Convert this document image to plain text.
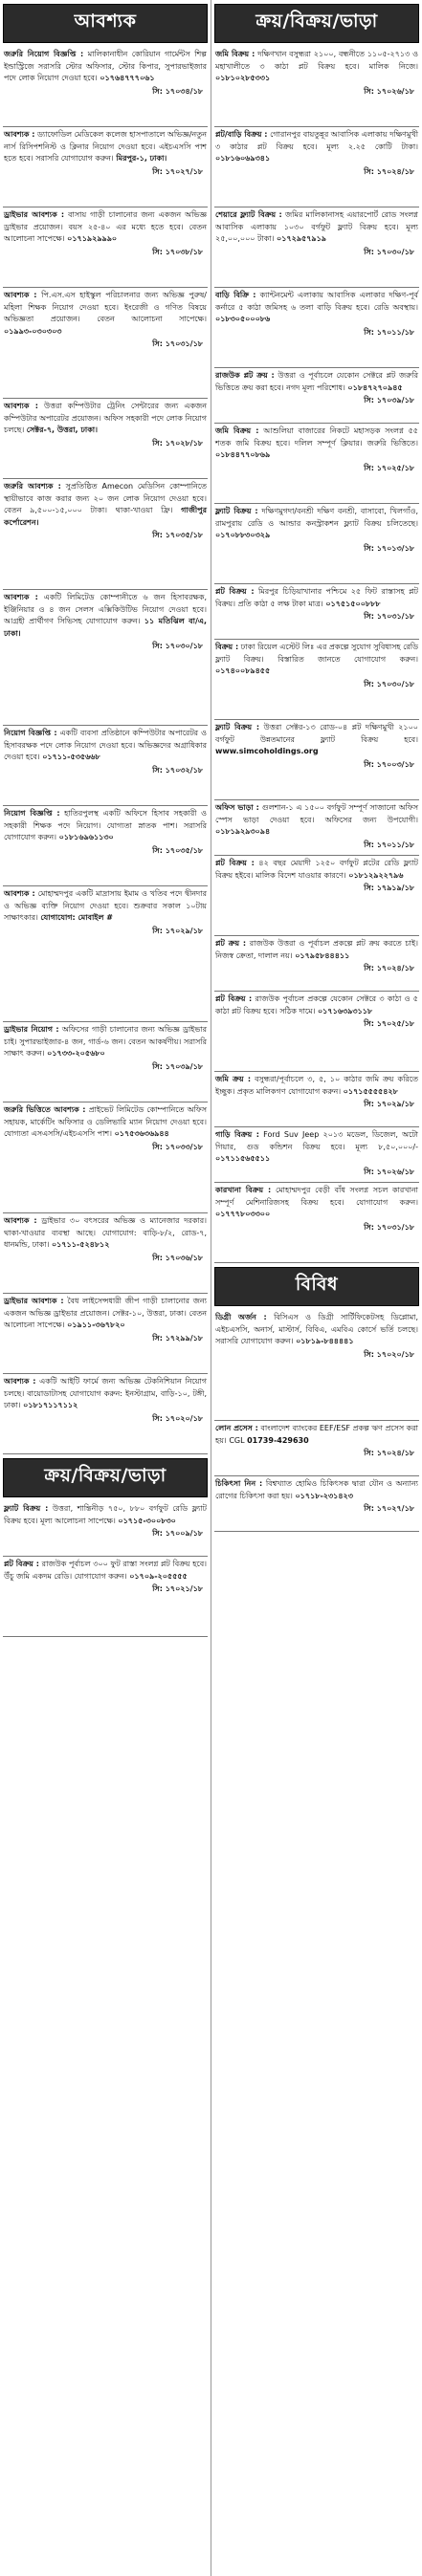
আবশ্যক
জরুরি নিয়োগ বিজ্ঞপ্তি : মালিকানাধীন কোরিয়ান গার্মেন্টস শিল্প ইন্ডাস্ট্রিজে সরাসরি স্টোর অফিসার, স্টোর কিপার, সুপারভাইজার পদে লোক নিয়োগ দেওয়া হবে। ০১৭৬৪৭৭৭০৬১
সি: ১৭০৩৪/১৮
আবশ্যক : ড্যাফোডিল মেডিকেল কলেজ হাসপাতালে অভিজ্ঞ/নতুন নার্স রিসিপশনিস্ট ও ক্লিনার নিয়োগ দেওয়া হবে। এইচএসসি পাশ হতে হবে। সরাসরি যোগাযোগ করুন। মিরপুর-১, ঢাকা।
সি: ১৭০২৭/১৮
ড্রাইভার আবশ্যক : বাসায় গাড়ী চালানোর জন্য একজন অভিজ্ঞ ড্রাইভার প্রয়োজন। বয়স ২৫-৪০ এর মধ্যে হতে হবে। বেতন আলোচনা সাপেক্ষে। ০১৭১৯২৯৯৯০
সি: ১৭০৩৮/১৮
আবশ্যক : পি.এস.এস হাইস্কুল পরিচালনার জন্য অভিজ্ঞ পুরুষ/মহিলা শিক্ষক নিয়োগ দেওয়া হবে। ইংরেজী ও গণিত বিষয়ে অভিজ্ঞতা প্রয়োজন। বেতন আলোচনা সাপেক্ষে। ০১৯৯৩-০৩০৩০৩
সি: ১৭০৩১/১৮
আবশ্যক : উত্তরা কম্পিউটার ট্রেনিং সেন্টারের জন্য একজন কম্পিউটার অপারেটর প্রয়োজন। অফিস সহকারী পদে লোক নিয়োগ চলছে। সেক্টর-৭, উত্তরা, ঢাকা।
সি: ১৭০২৮/১৮
জরুরি আবশ্যক : সুপ্রতিষ্ঠিত Amecon মেডিসিন কোম্পানিতে স্থায়ীভাবে কাজ করার জন্য ২০ জন লোক নিয়োগ দেওয়া হবে। বেতন ৯,৫০০-১৫,০০০ টাকা। থাকা-খাওয়া ফ্রি। গাজীপুর কর্পোরেশন।
সি: ১৭০৩৫/১৮
আবশ্যক : একটি লিমিটেড কোম্পানীতে ৬ জন হিসাবরক্ষক, ইঞ্জিনিয়ার ও ৪ জন সেলস এক্সিকিউটিভ নিয়োগ দেওয়া হবে। আগ্রহী প্রার্থীগণ সিভিসহ যোগাযোগ করুন। ১১ মতিঝিল বা/এ, ঢাকা।
সি: ১৭০৩০/১৮
নিয়োগ বিজ্ঞপ্তি : একটি ব্যবসা প্রতিষ্ঠানে কম্পিউটার অপারেটর ও হিসাবরক্ষক পদে লোক নিয়োগ দেওয়া হবে। অভিজ্ঞদের অগ্রাধিকার দেওয়া হবে। ০১৭১১-৫৩৫৬৬৮
সি: ১৭০৩২/১৮
নিয়োগ বিজ্ঞপ্তি : হাতিরপুলস্থ একটি অফিসে হিসাব সহকারী ও সহকারী শিক্ষক পদে নিয়োগ। যোগ্যতা স্নাতক পাশ। সরাসরি যোগাযোগ করুন। ০১৮১৬৯৬১১৩০
সি: ১৭০৩৫/১৮
আবশ্যক : মোহাম্মদপুর একটি মাদ্রাসায় ইমাম ও খতিব পদে দ্বীনদার ও অভিজ্ঞ ব্যক্তি নিয়োগ দেওয়া হবে। শুক্রবার সকাল ১০টায় সাক্ষাৎকার। যোগাযোগ: মোবাইল #
সি: ১৭০২৯/১৮
ড্রাইভার নিয়োগ : অফিসের গাড়ী চালানোর জন্য অভিজ্ঞ ড্রাইভার চাই। সুপারভাইজার-৪ জন, গার্ড-৬ জন। বেতন আকর্ষণীয়। সরাসরি সাক্ষাৎ করুন। ০১৭৩৩-২০৫৬৮০
সি: ১৭০৩৯/১৮
জরুরি ভিত্তিতে আবশ্যক : প্রাইভেট লিমিটেড কোম্পানিতে অফিস সহায়ক, মার্কেটিং অফিসার ও ডেলিভারি ম্যান নিয়োগ দেওয়া হবে। যোগ্যতা এসএসসি/এইচএসসি পাশ। ০১৭৫৩৬৩৬৯৪৪
সি: ১৭০৩৩/১৮
আবশ্যক : ড্রাইভার ৩০ বৎসরের অভিজ্ঞ ও ম্যানেজার দরকার। থাকা-খাওয়ার ব্যবস্থা আছে। যোগাযোগ: বাড়ি-৮/২, রোড-৭, ধানমন্ডি, ঢাকা। ০১৭১১-৫২৪৮১২
সি: ১৭০৩৬/১৮
ড্রাইভার আবশ্যক : বৈধ লাইসেন্সধারী জীপ গাড়ী চালানোর জন্য একজন অভিজ্ঞ ড্রাইভার প্রয়োজন। সেক্টর-১০, উত্তরা, ঢাকা। বেতন আলোচনা সাপেক্ষে। ০১৯১১-৩৬৭৮২০
সি: ১৭২৯৯/১৮
আবশ্যক : একটি আইটি ফার্মে জন্য অভিজ্ঞ টেকনিশিয়ান নিয়োগ চলছে। বায়োডাটাসহ যোগাযোগ করুন: ইনস্টাগ্রাম, বাড়ি-১০, টঙ্গী, ঢাকা। ০১৮১৭১১৭১১২
সি: ১৭০২০/১৮
ক্রয়/বিক্রয়/ভাড়া
ফ্ল্যাট বিক্রয় : উত্তরা, শান্তিনীড় ৭৫০, ৮৮০ বর্গফুট রেডি ফ্ল্যাট বিক্রয় হবে। মূল্য আলোচনা সাপেক্ষে। ০১৭১৫-৩০০৮৩০
সি: ১৭০০৯/১৮
প্লট বিক্রয় : রাজউক পূর্বাচল ৩০০ ফুট রাস্তা সংলগ্ন প্লট বিক্রয় হবে। উঁচু জমি একদম রেডি। যোগাযোগ করুন। ০১৭০৯-২০৫৫৫৫
সি: ১৭০২১/১৮
ক্রয়/বিক্রয়/ভাড়া
জমি বিক্রয় : দক্ষিণখান বসুন্ধরা ২১০০, বন্ধনীতে ১১০৫-২৭১৩ ও মহাখালীতে ৩ কাঠা প্লট বিক্রয় হবে। মালিক নিজে। ০১৮১০২৮৫৩৩১
সি: ১৭০২৬/১৮
প্লট/বাড়ি বিক্রয় : গোরানপুর বায়তুন্নূর আবাসিক এলাকায় দক্ষিণমুখী ৩ কাঠার প্লট বিক্রয় হবে। মূল্য ২.২৫ কোটি টাকা। ০১৮১৬০৬৯৩৪১
সি: ১৭০২৪/১৮
শেয়ারে ফ্ল্যাট বিক্রয় : জমির মালিকানাসহ এয়ারপোর্ট রোড সংলগ্ন আবাসিক এলাকায় ১০৩০ বর্গফুট ফ্ল্যাট বিক্রয় হবে। মূল্য ২৫,০০,০০০ টাকা। ০১৭২৯৫৭৯১৯
সি: ১৭০৩০/১৮
বাড়ি বিক্রি : ক্যান্টনমেন্ট এলাকায় আবাসিক এলাকার দক্ষিণ-পূর্ব কর্নারে ৫ কাঠা জমিসহ ৬ তলা বাড়ি বিক্রয় হবে। রেডি অবস্থায়। ০১৮৩০৫০০০৮৬
সি: ১৭০১১/১৮
রাজউক প্লট ক্রয় : উত্তরা ও পূর্বাচলে যেকোন সেক্টরে প্লট জরুরি ভিত্তিতে ক্রয় করা হবে। নগদ মূল্য পরিশোধ। ০১৮৪৭২৭০৯৪৫
সি: ১৭০৩৯/১৮
জমি বিক্রয় : আশুলিয়া বাজারের নিকটে মহাসড়ক সংলগ্ন ৫৫ শতক জমি বিক্রয় হবে। দলিল সম্পূর্ণ ক্লিয়ার। জরুরি ভিত্তিতে। ০১৮৪৪৭৭০৮৬৯
সি: ১৭০২৫/১৮
ফ্ল্যাট বিক্রয় : দক্ষিণমুগদা/বনশ্রী দক্ষিণ বনশ্রী, বাসাবো, খিলগাঁও, রামপুরায় রেডি ও আন্ডার কনস্ট্রাকশন ফ্ল্যাট বিক্রয় চলিতেছে। ০১৭০৮৮৩০৩২৯
সি: ১৭০১৩/১৮
প্লট বিক্রয় : মিরপুর চিড়িয়াখানার পশ্চিমে ২৫ ফিট রাস্তাসহ প্লট বিক্রয়। প্রতি কাঠা ৫ লক্ষ টাকা মাত্র। ০১৭৫১৫০০৮৮৮
সি: ১৭০৩১/১৮
বিক্রয় : ঢাকা রিয়েল এস্টেট লিঃ এর প্রকল্পে সুযোগ সুবিধাসহ রেডি ফ্ল্যাট বিক্রয়। বিস্তারিত জানতে যোগাযোগ করুন। ০১৭৪০০৮৯৪৫৫
সি: ১৭০৩০/১৮
ফ্ল্যাট বিক্রয় : উত্তরা সেক্টর-১৩ রোড-০৪ প্লট দক্ষিণমুখী ২১০০ বর্গফুট উন্নতমানের ফ্ল্যাট বিক্রয় হবে। www.simcoholdings.org
সি: ১৭০০৩/১৮
অফিস ভাড়া : গুলশান-১ এ ১৫০০ বর্গফুট সম্পূর্ণ সাজানো অফিস স্পেস ভাড়া দেওয়া হবে। অফিসের জন্য উপযোগী। ০১৮১৯২৯৩০৯৪
সি: ১৭০১১/১৮
প্লট বিক্রয় : ৪২ বছর মেয়াদী ১২৫০ বর্গফুট প্লটের রেডি ফ্ল্যাট বিক্রয় হইবে। মালিক বিদেশ যাওয়ার কারণে। ০১৮১২৯২২৭৯৬
সি: ১৭৯১৯/১৮
প্লট ক্রয় : রাজউক উত্তরা ও পূর্বাচল প্রকল্পে প্লট ক্রয় করতে চাই। নিজস্ব ক্রেতা, দালাল নয়। ০১৭৯৫৮৪৪৪১১
সি: ১৭০২৪/১৮
প্লট বিক্রয় : রাজউক পূর্বাচল প্রকল্পে যেকোন সেক্টরে ৩ কাঠা ও ৫ কাঠা প্লট বিক্রয় হবে। সঠিক দামে। ০১৭১৬৩৯৩১১৮
সি: ১৭০২৫/১৮
জমি ক্রয় : বসুন্ধরা/পূর্বাচলে ৩, ৫, ১০ কাঠার জমি ক্রয় করিতে ইচ্ছুক। প্রকৃত মালিকগণ যোগাযোগ করুন। ০১৭১৫৫৫৫৪২৮
সি: ১৭০২৯/১৮
গাড়ি বিক্রয় : Ford Suv Jeep ২০১৩ মডেল, ডিজেল, অটো গিয়ার, গুড কন্ডিশন বিক্রয় হবে। মূল্য ৮,৫০,০০০/- ০১৭১১৫৬৫৫১১
সি: ১৭০২৬/১৮
কারখানা বিক্রয় : মোহাম্মদপুর বেড়ী বাঁধ সংলগ্ন সচল কারখানা সম্পূর্ণ মেশিনারিজসহ বিক্রয় হবে। যোগাযোগ করুন। ০১৭৭৭৮০৩৩০০
সি: ১৭০৩১/১৮
বিবিধ
ডিগ্রী অর্জন : বিসিএস ও ডিগ্রী সার্টিফিকেটসহ ডিপ্লোমা, এইচএসসি, অনার্স, মাস্টার্স, বিবিএ, এমবিএ কোর্সে ভর্তি চলছে। সরাসরি যোগাযোগ করুন। ০১৮১৯-৮৪৪৪৪১
সি: ১৭০২০/১৮
লোন প্রসেস : বাংলাদেশ ব্যাংকের EEF/ESF প্রকল্প ঋণ প্রসেস করা হয়। CGL 01739-429630
সি: ১৭০২৪/১৮
চিকিৎসা নিন : বিশ্বখ্যাত হোমিও চিকিৎসক দ্বারা যৌন ও অন্যান্য রোগের চিকিৎসা করা হয়। ০১৭১৮-২৩১৪২৩
সি: ১৭০২৭/১৮
